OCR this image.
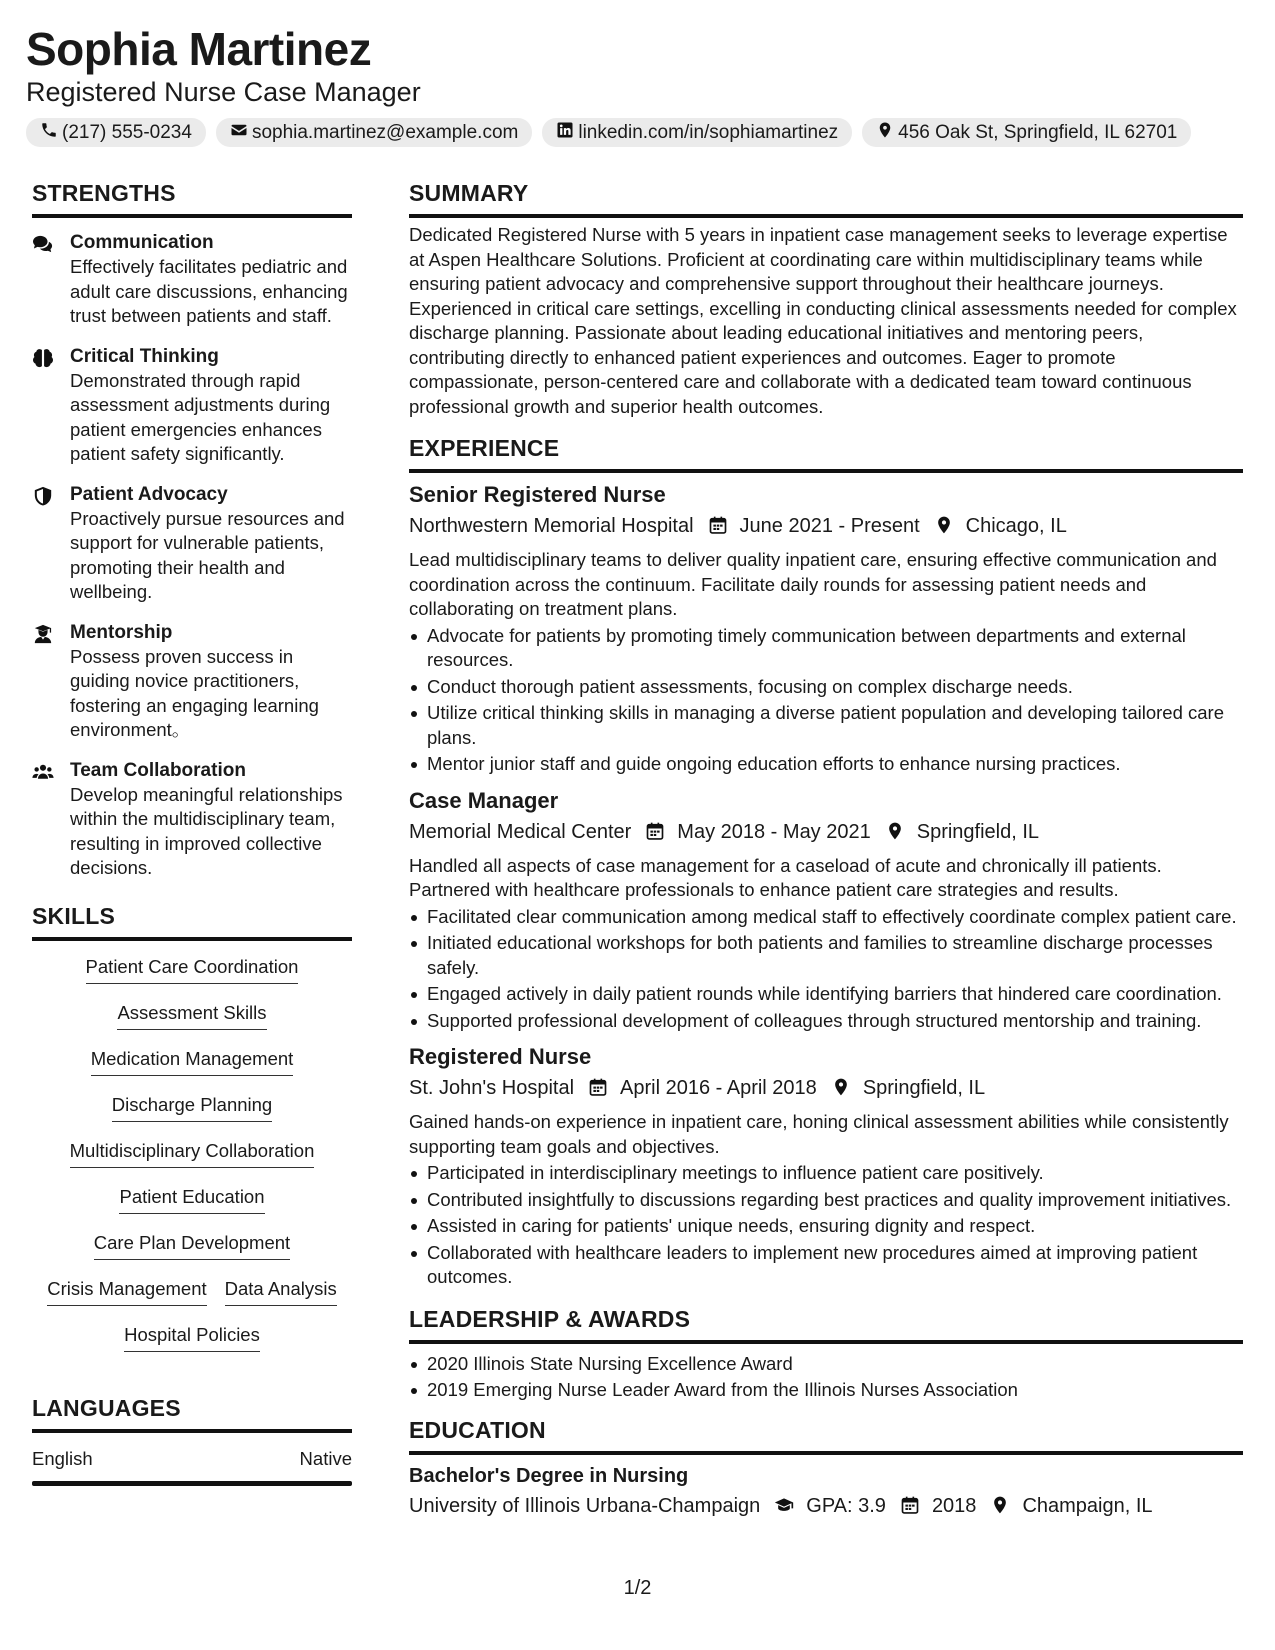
Sophia Martinez
Registered Nurse Case Manager
(217) 555-0234	sophia.martinez@example.com	linkedin.com/in/sophiamartinez	456 Oak St, Springfield, IL 62701
STRENGTHS
Communication
Effectively facilitates pediatric and adult care discussions, enhancing trust between patients and staff.
Critical Thinking
Demonstrated through rapid assessment adjustments during patient emergencies enhances patient safety significantly.
Patient Advocacy
Proactively pursue resources and support for vulnerable patients, promoting their health and wellbeing.
Mentorship
Possess proven success in guiding novice practitioners, fostering an engaging learning environment。
Team Collaboration
Develop meaningful relationships within the multidisciplinary team, resulting in improved collective decisions.
SKILLS
Patient Care Coordination
Assessment Skills
Medication Management
Discharge Planning
Multidisciplinary Collaboration
Patient Education
Care Plan Development
Crisis Management Data Analysis
Hospital Policies
LANGUAGES
English	Native
SUMMARY
Dedicated Registered Nurse with 5 years in inpatient case management seeks to leverage expertise at Aspen Healthcare Solutions. Proficient at coordinating care within multidisciplinary teams while ensuring patient advocacy and comprehensive support throughout their healthcare journeys. Experienced in critical care settings, excelling in conducting clinical assessments needed for complex discharge planning. Passionate about leading educational initiatives and mentoring peers, contributing directly to enhanced patient experiences and outcomes. Eager to promote compassionate, person-centered care and collaborate with a dedicated team toward continuous professional growth and superior health outcomes.
EXPERIENCE
Senior Registered Nurse
Northwestern Memorial Hospital June 2021 - Present Chicago, IL
Lead multidisciplinary teams to deliver quality inpatient care, ensuring effective communication and coordination across the continuum. Facilitate daily rounds for assessing patient needs and collaborating on treatment plans.
Advocate for patients by promoting timely communication between departments and external resources.
Conduct thorough patient assessments, focusing on complex discharge needs.
Utilize critical thinking skills in managing a diverse patient population and developing tailored care plans.
Mentor junior staff and guide ongoing education efforts to enhance nursing practices.
Case Manager
Memorial Medical Center May 2018 - May 2021 Springfield, IL
Handled all aspects of case management for a caseload of acute and chronically ill patients. Partnered with healthcare professionals to enhance patient care strategies and results.
Facilitated clear communication among medical staff to effectively coordinate complex patient care.
Initiated educational workshops for both patients and families to streamline discharge processes safely.
Engaged actively in daily patient rounds while identifying barriers that hindered care coordination.
Supported professional development of colleagues through structured mentorship and training.
Registered Nurse
St. John's Hospital April 2016 - April 2018 Springfield, IL
Gained hands-on experience in inpatient care, honing clinical assessment abilities while consistently supporting team goals and objectives.
Participated in interdisciplinary meetings to influence patient care positively.
Contributed insightfully to discussions regarding best practices and quality improvement initiatives.
Assisted in caring for patients' unique needs, ensuring dignity and respect.
Collaborated with healthcare leaders to implement new procedures aimed at improving patient outcomes.
LEADERSHIP & AWARDS
2020 Illinois State Nursing Excellence Award
2019 Emerging Nurse Leader Award from the Illinois Nurses Association
EDUCATION
Bachelor's Degree in Nursing
University of Illinois Urbana-Champaign GPA: 3.9 2018 Champaign, IL
1/2
